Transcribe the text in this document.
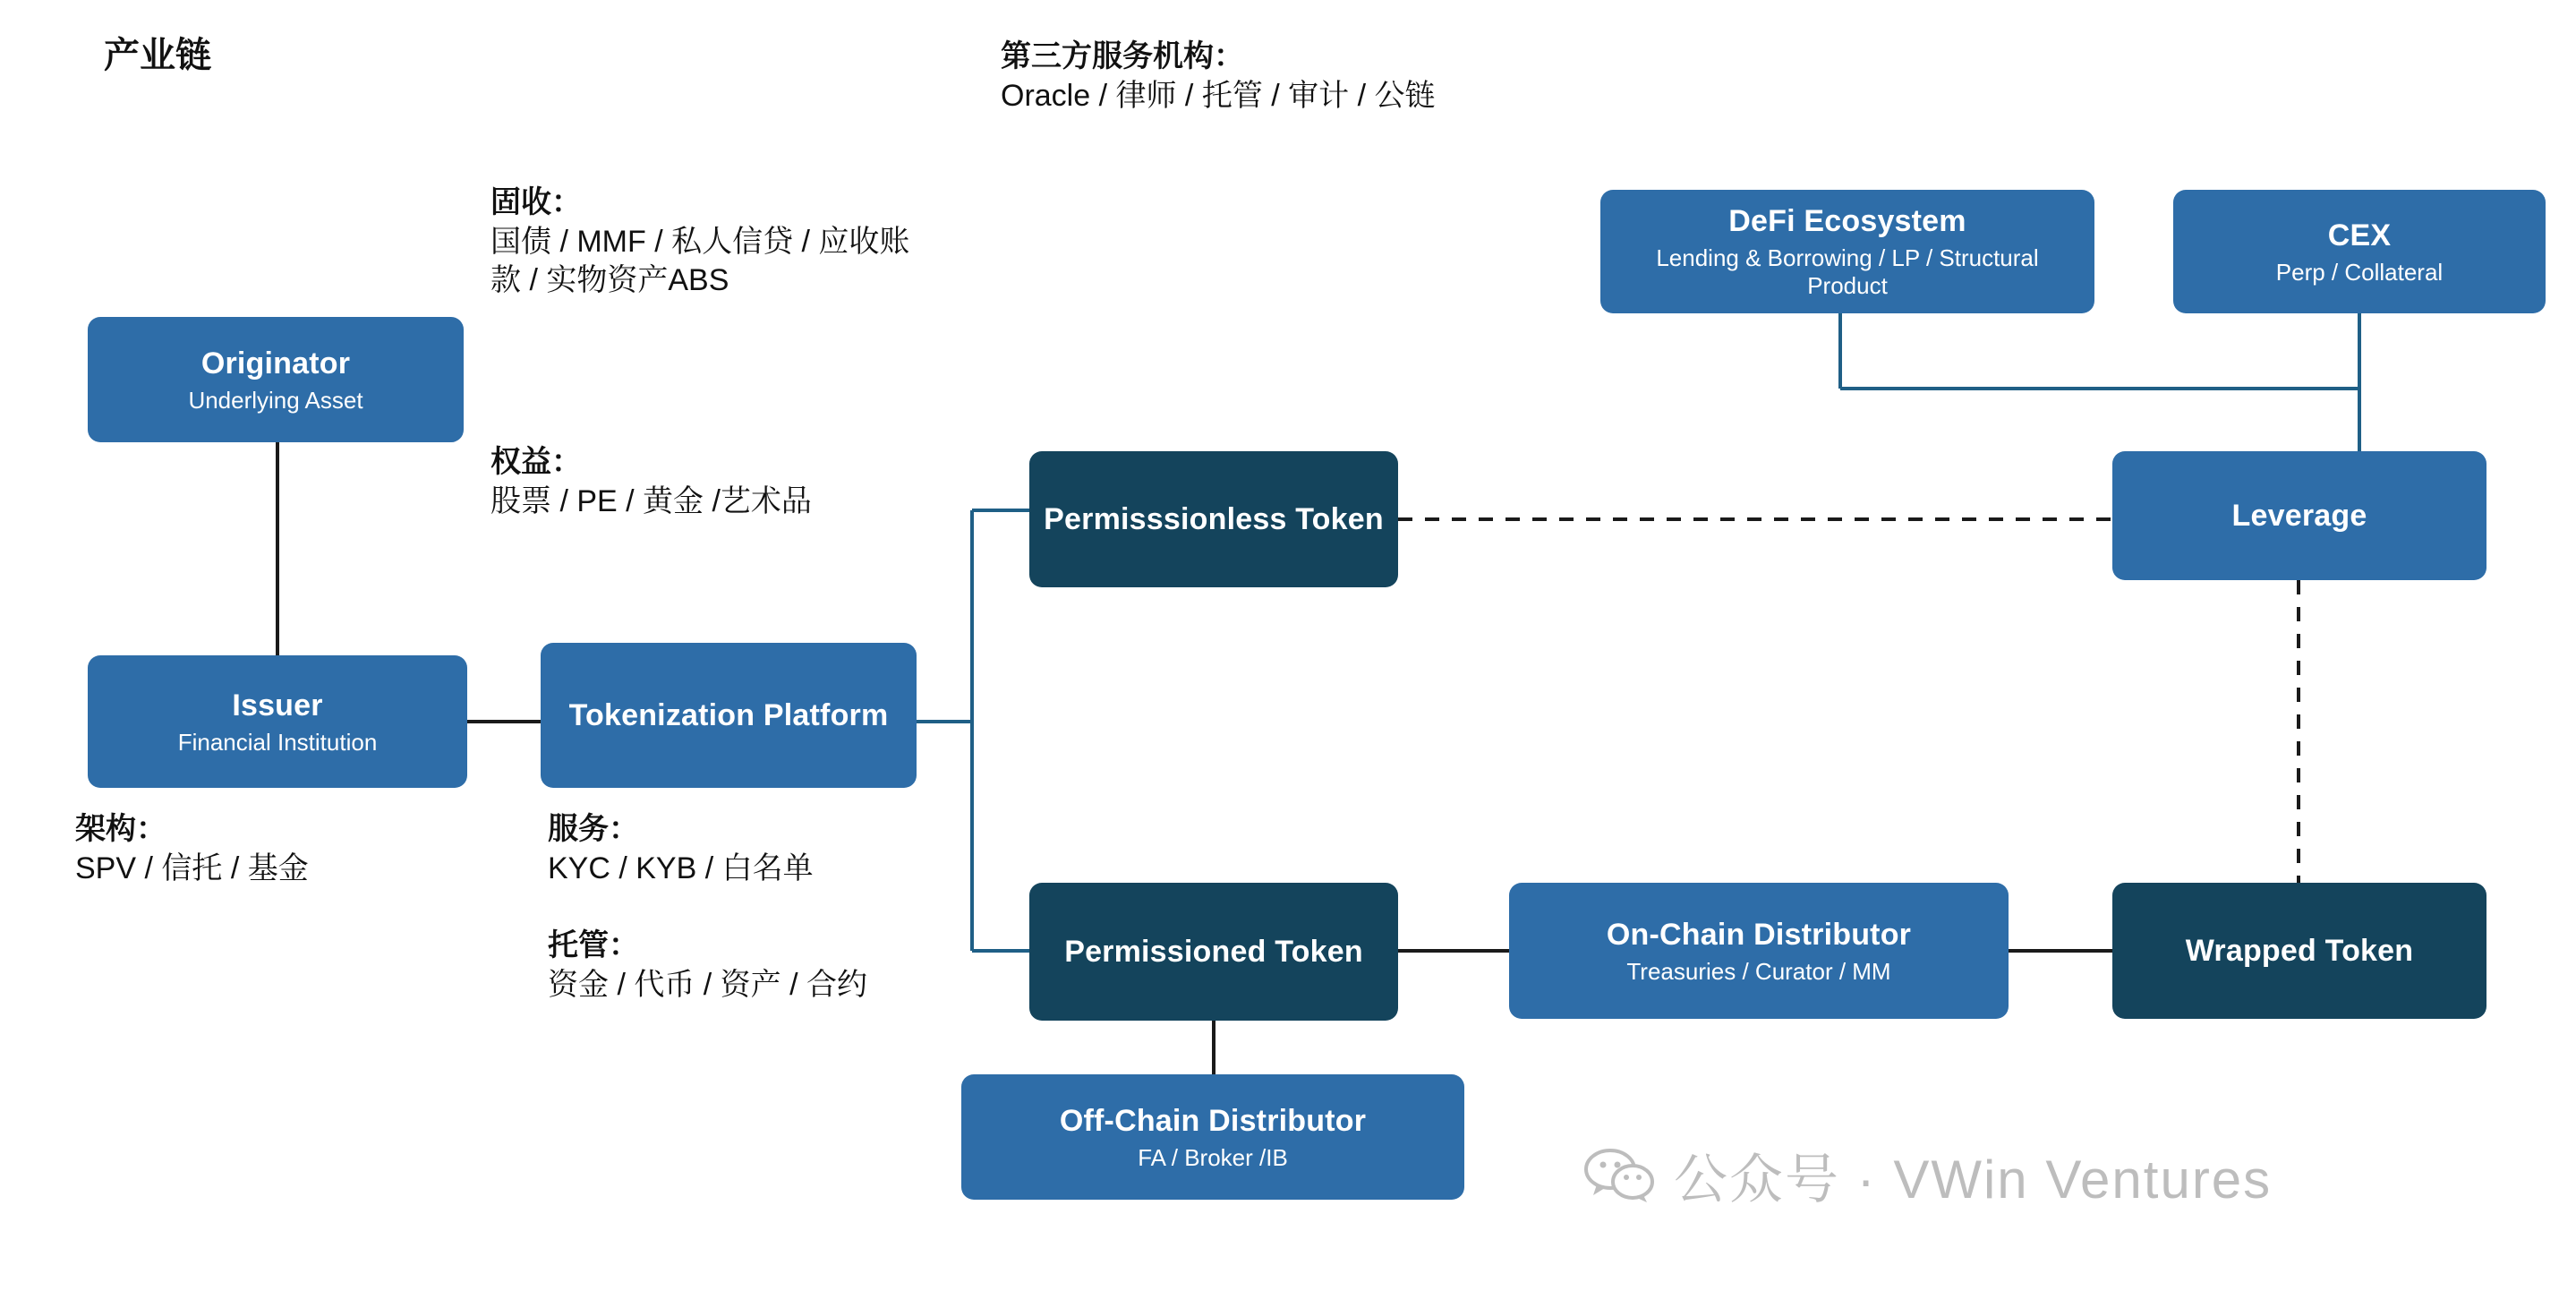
产业链	第三方服务机构：
Oracle / 律师 / 托管 / 审计 / 公链
固收：
国债 / MMF / 私人信贷 / 应收账款 / 实物资产ABS
权益：
股票 / PE / 黄金 /艺术品
架构：
SPV / 信托 / 基金
服务：
KYC / KYB / 白名单
托管：
资金 / 代币 / 资产 / 合约
Originator
Underlying Asset
Issuer
Financial Institution
Tokenization Platform
Permisssionless Token
Permissioned Token
Off-Chain Distributor
FA / Broker /IB
On-Chain Distributor
Treasuries / Curator / MM
DeFi Ecosystem
Lending & Borrowing / LP / Structural Product
CEX
Perp / Collateral
Leverage
Wrapped Token
公众号 · VWin Ventures
